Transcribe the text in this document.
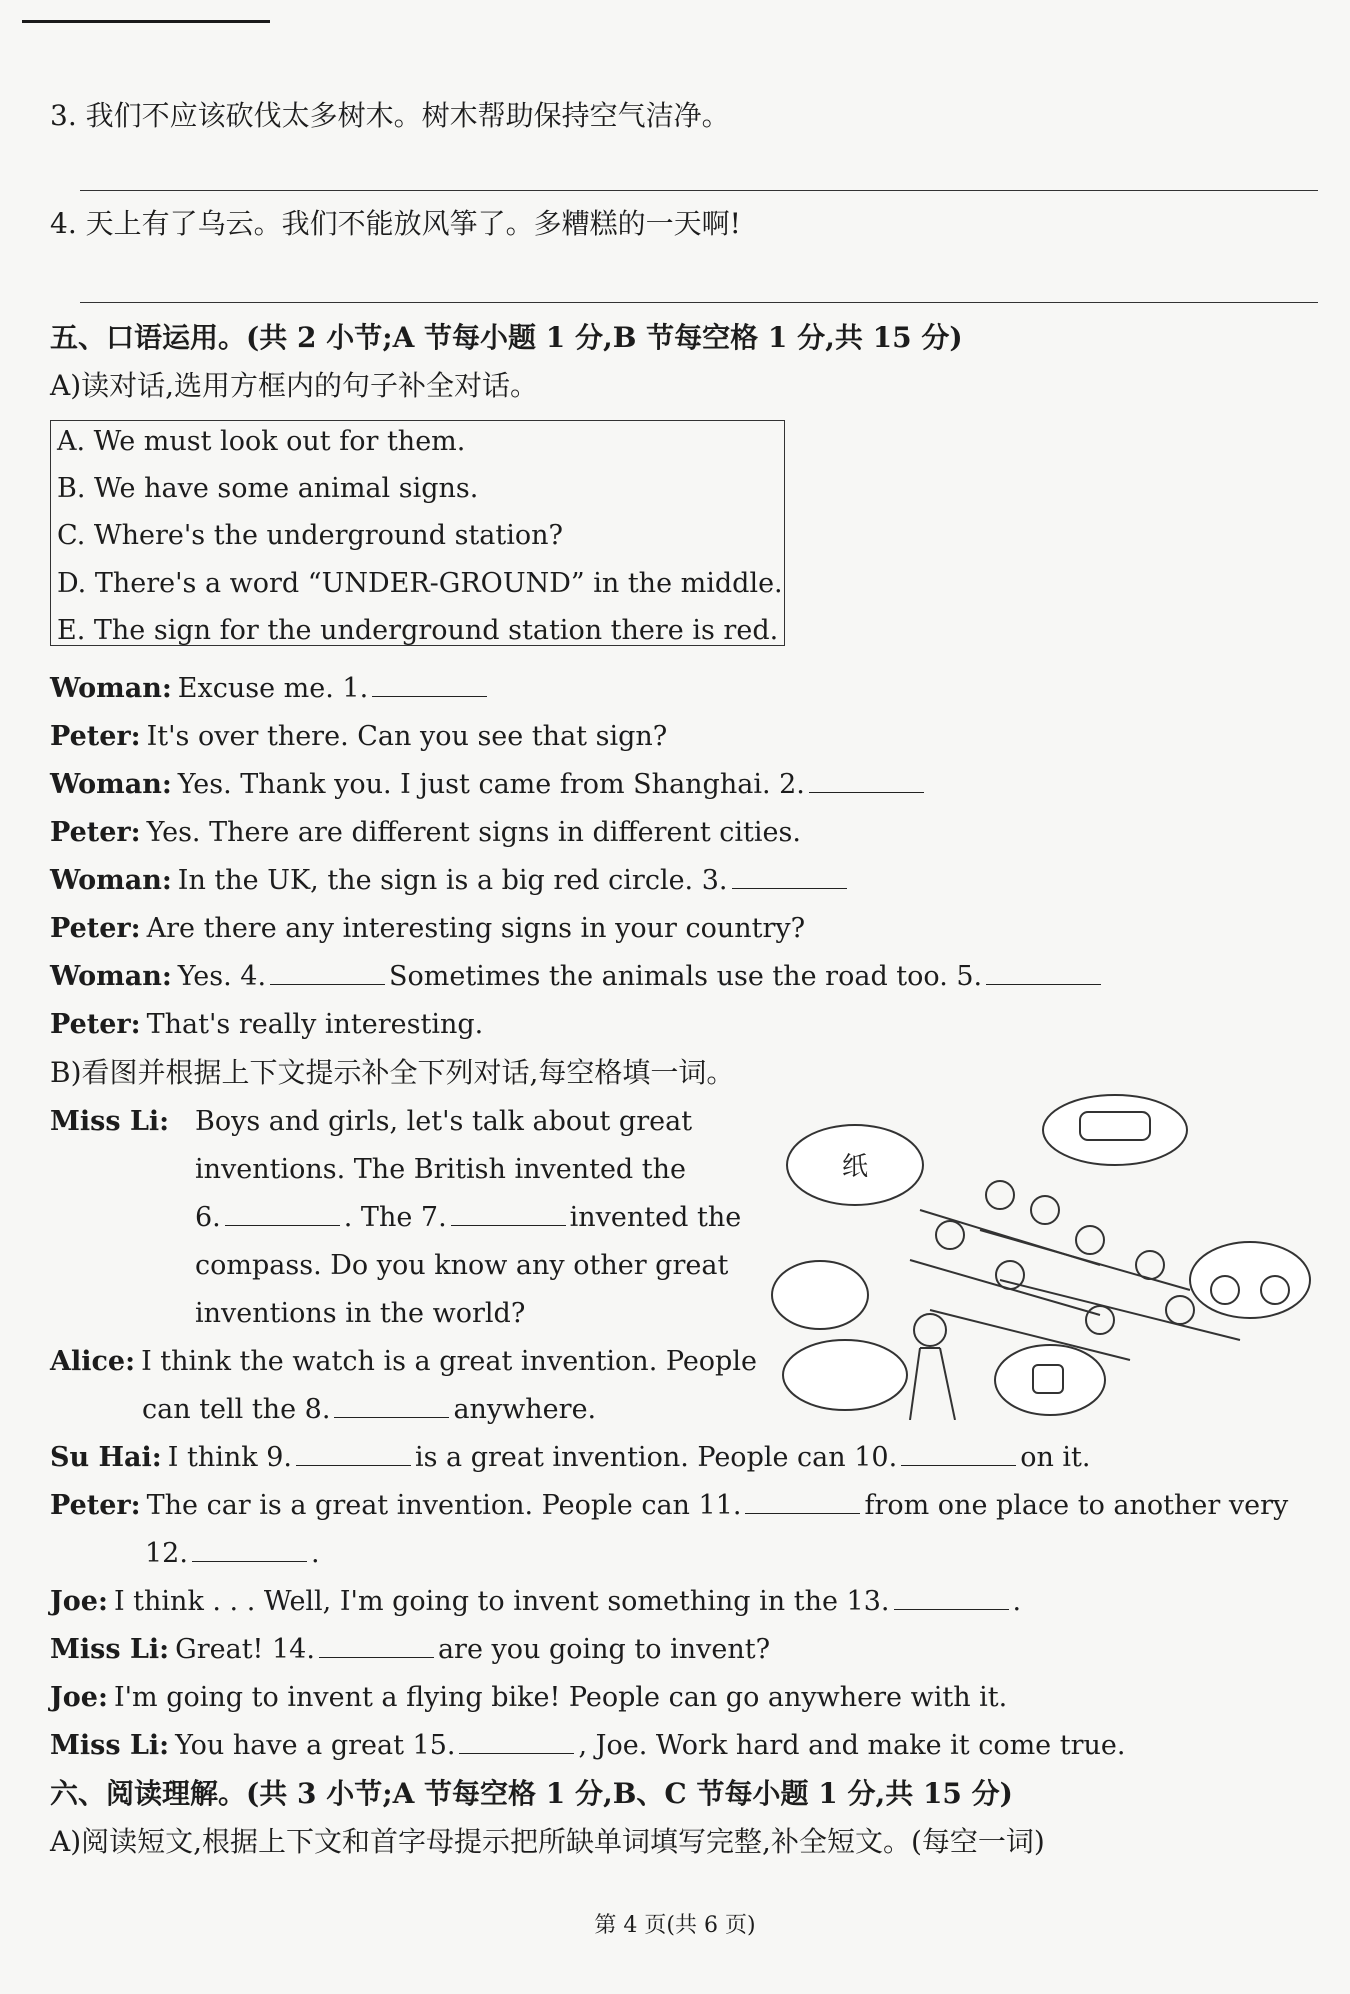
3. 我们不应该砍伐太多树木。树木帮助保持空气洁净。
4. 天上有了乌云。我们不能放风筝了。多糟糕的一天啊!
五、口语运用。(共 2 小节;A 节每小题 1 分,B 节每空格 1 分,共 15 分)
A)读对话,选用方框内的句子补全对话。
A. We must look out for them.
B. We have some animal signs.
C. Where's the underground station?
D. There's a word “UNDER-GROUND” in the middle.
E. The sign for the underground station there is red.
Woman: Excuse me. 1.
Peter: It's over there. Can you see that sign?
Woman: Yes. Thank you. I just came from Shanghai. 2.
Peter: Yes. There are different signs in different cities.
Woman: In the UK, the sign is a big red circle. 3.
Peter: Are there any interesting signs in your country?
Woman: Yes. 4.	Sometimes the animals use the road too. 5.
Peter: That's really interesting.
B)看图并根据上下文提示补全下列对话,每空格填一词。
Miss Li: Boys and girls, let's talk about great
inventions. The British invented the
6.	. The 7.	invented the
compass. Do you know any other great
inventions in the world?
Alice: I think the watch is a great invention. People
can tell the 8.	anywhere.
Su Hai: I think 9.	is a great invention. People can 10.	on it.
Peter: The car is a great invention. People can 11.	from one place to another very
12.	.
Joe: I think . . . Well, I'm going to invent something in the 13.	.
Miss Li: Great! 14.	are you going to invent?
Joe: I'm going to invent a flying bike! People can go anywhere with it.
Miss Li: You have a great 15.	, Joe. Work hard and make it come true.
六、阅读理解。(共 3 小节;A 节每空格 1 分,B、C 节每小题 1 分,共 15 分)
A)阅读短文,根据上下文和首字母提示把所缺单词填写完整,补全短文。(每空一词)
纸
第 4 页(共 6 页)
